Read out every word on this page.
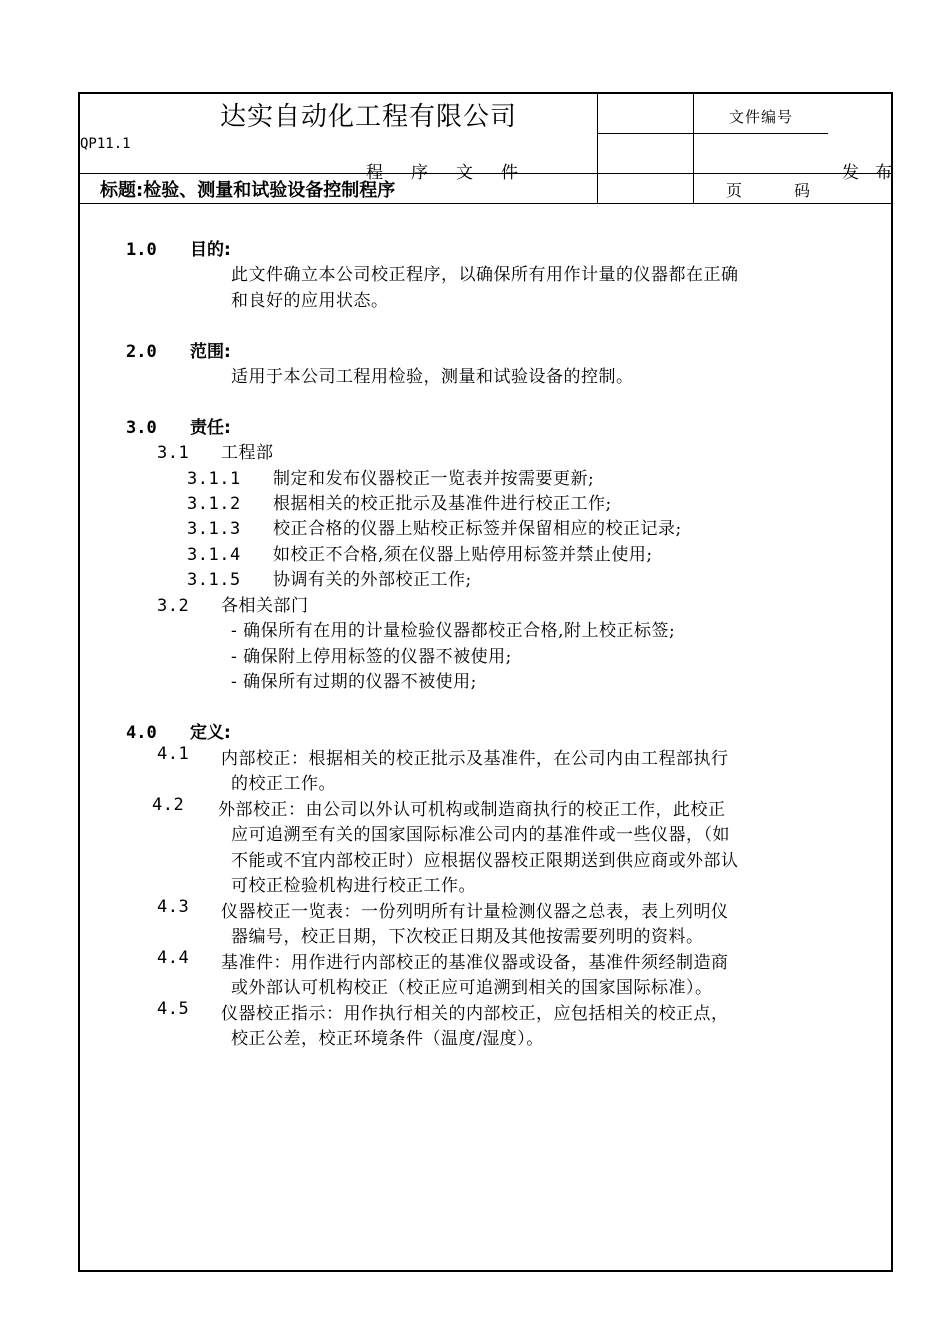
达实自动化工程有限公司	文件编号
QP11.1
程序文件	发布
标题:检验、测量和试验设备控制程序	页码
1.0 目的:
此文件确立本公司校正程序，以确保所有用作计量的仪器都在正确
和良好的应用状态。
2.0 范围:
适用于本公司工程用检验，测量和试验设备的控制。
3.0 责任:
3.1 工程部
3.1.1 制定和发布仪器校正一览表并按需要更新;
3.1.2 根据相关的校正批示及基准件进行校正工作;
3.1.3 校正合格的仪器上贴校正标签并保留相应的校正记录;
3.1.4 如校正不合格,须在仪器上贴停用标签并禁止使用;
3.1.5 协调有关的外部校正工作;
3.2 各相关部门
- 确保所有在用的计量检验仪器都校正合格,附上校正标签;
- 确保附上停用标签的仪器不被使用;
- 确保所有过期的仪器不被使用;
4.0 定义:
4.1 内部校正：根据相关的校正批示及基准件，在公司内由工程部执行
的校正工作。
4.2 外部校正：由公司以外认可机构或制造商执行的校正工作，此校正
应可追溯至有关的国家国际标准公司内的基准件或一些仪器，（如
不能或不宜内部校正时）应根据仪器校正限期送到供应商或外部认
可校正检验机构进行校正工作。
4.3 仪器校正一览表：一份列明所有计量检测仪器之总表，表上列明仪
器编号，校正日期，下次校正日期及其他按需要列明的资料。
4.4 基准件：用作进行内部校正的基准仪器或设备，基准件须经制造商
或外部认可机构校正（校正应可追溯到相关的国家国际标准）。
4.5 仪器校正指示：用作执行相关的内部校正，应包括相关的校正点，
校正公差，校正环境条件（温度/湿度）。
